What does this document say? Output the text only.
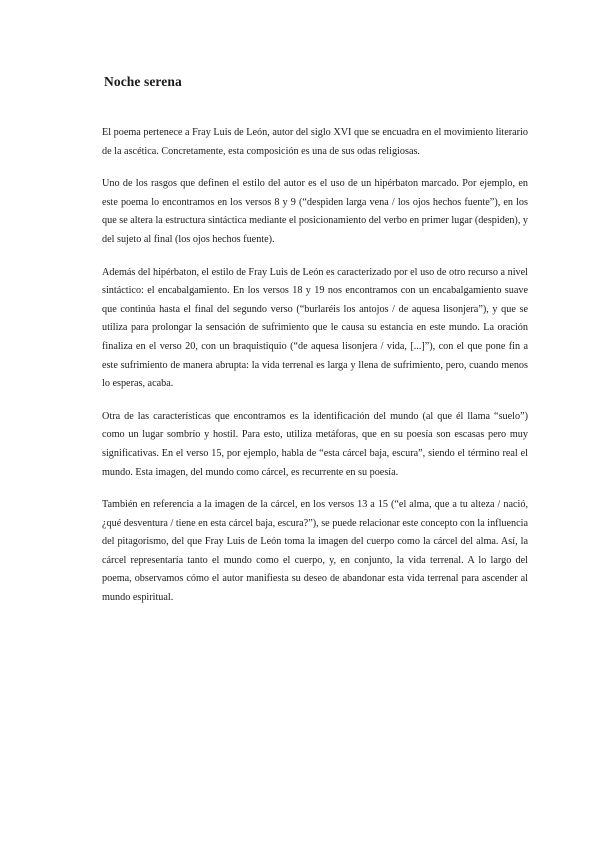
Noche serena

El poema pertenece a Fray Luis de León, autor del siglo XVI que se encuadra en el movimiento literario de la ascética. Concretamente, esta composición es una de sus odas religiosas.

Uno de los rasgos que definen el estilo del autor es el uso de un hipérbaton marcado. Por ejemplo, en este poema lo encontramos en los versos 8 y 9 (“despiden larga vena / los ojos hechos fuente”), en los que se altera la estructura sintáctica mediante el posicionamiento del verbo en primer lugar (despiden), y del sujeto al final (los ojos hechos fuente).

Además del hipérbaton, el estilo de Fray Luis de León es caracterizado por el uso de otro recurso a nivel sintáctico: el encabalgamiento. En los versos 18 y 19 nos encontramos con un encabalgamiento suave que continúa hasta el final del segundo verso (“burlaréis los antojos / de aquesa lisonjera”), y que se utiliza para prolongar la sensación de sufrimiento que le causa su estancia en este mundo. La oración finaliza en el verso 20, con un braquistiquio (“de aquesa lisonjera / vida, [...]”), con el que pone fin a este sufrimiento de manera abrupta: la vida terrenal es larga y llena de sufrimiento, pero, cuando menos lo esperas, acaba.

Otra de las características que encontramos es la identificación del mundo (al que él llama “suelo”) como un lugar sombrío y hostil. Para esto, utiliza metáforas, que en su poesía son escasas pero muy significativas. En el verso 15, por ejemplo, habla de “esta cárcel baja, escura”, siendo el término real el mundo. Esta imagen, del mundo como cárcel, es recurrente en su poesía.

También en referencia a la imagen de la cárcel, en los versos 13 a 15 (“el alma, que a tu alteza / nació, ¿qué desventura / tiene en esta cárcel baja, escura?”), se puede relacionar este concepto con la influencia del pitagorismo, del que Fray Luis de León toma la imagen del cuerpo como la cárcel del alma. Así, la cárcel representaría tanto el mundo como el cuerpo, y, en conjunto, la vida terrenal. A lo largo del poema, observamos cómo el autor manifiesta su deseo de abandonar esta vida terrenal para ascender al mundo espiritual.
